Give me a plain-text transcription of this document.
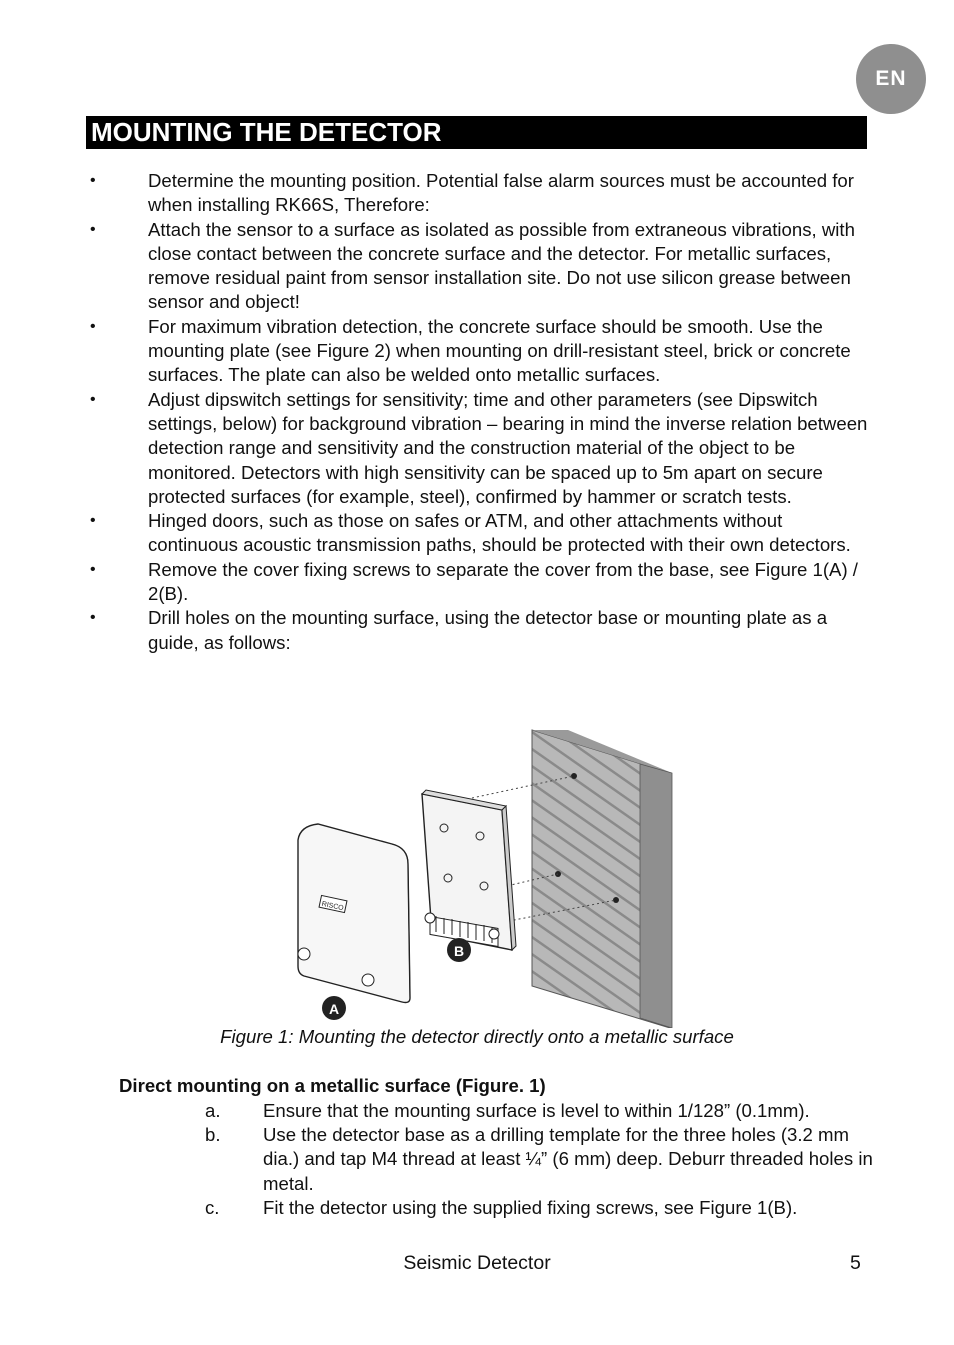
EN
MOUNTING THE DETECTOR
•	Determine the mounting position. Potential false alarm sources must be accounted for when installing RK66S, Therefore:
•	Attach the sensor to a surface as isolated as possible from extraneous vibrations, with close contact between the concrete surface and the detector. For metallic surfaces, remove residual paint from sensor installation site. Do not use silicon grease between sensor and object!
•	For maximum vibration detection, the concrete surface should be smooth. Use the mounting plate (see Figure 2) when mounting on drill-resistant steel, brick or concrete surfaces. The plate can also be welded onto metallic surfaces.
•	Adjust dipswitch settings for sensitivity; time and other parameters (see Dipswitch settings, below) for background vibration – bearing in mind the inverse relation between detection range and sensitivity and the construction material of the object to be monitored. Detectors with high sensitivity can be spaced up to 5m apart on secure protected surfaces (for example, steel), confirmed by hammer or scratch tests.
•	Hinged doors, such as those on safes or ATM, and other attachments without continuous acoustic transmission paths, should be protected with their own detectors.
•	Remove the cover fixing screws to separate the cover from the base, see Figure 1(A) / 2(B).
•	Drill holes on the mounting surface, using the detector base or mounting plate as a guide, as follows:
RISCO
B
A
Figure 1: Mounting the detector directly onto a metallic surface
Direct mounting on a metallic surface (Figure. 1)
a. Ensure that the mounting surface is level to within 1/128” (0.1mm).
b. Use the detector base as a drilling template for the three holes (3.2 mm dia.) and tap M4 thread at least ¼” (6 mm) deep. Deburr threaded holes in metal.
c. Fit the detector using the supplied fixing screws, see Figure 1(B).
Seismic Detector	5
